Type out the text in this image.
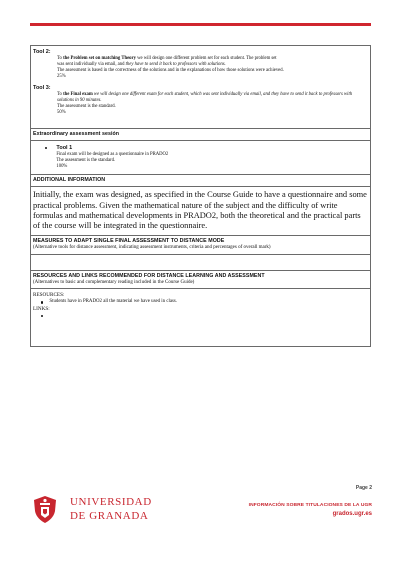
Tool 2:
To the Problem set on matching Theory we will design one different problem set for each student. The problem set
was sent individually via email, and they have to send it back to professors with solutions.
The assessment is based in the correctness of the solutions and in the explanations of how those solutions were achieved.
25%
Tool 3:
To the Final exam we will design one different exam for each student, which was sent individually via email, and they have to send it back to professors with solutions in 90 minutes.
The assessment is the standard.
50%
Extraordinary assessment sesión
Tool 1
Final exam will be designed as a questionnaire in PRADO2
The assessment is the standard.
100%
ADDITIONAL INFORMATION
Initially, the exam was designed, as specified in the Course Guide to have a questionnaire and some practical problems. Given the mathematical nature of the subject and the difficulty of write formulas and mathematical developments in PRADO2, both the theoretical and the practical parts of the course will be integrated in the questionnaire.
MEASURES TO ADAPT SINGLE FINAL ASSESSMENT TO DISTANCE MODE
(Alternative tools for distance assessment, indicating assessment instruments, criteria and percentages of overall mark)
RESOURCES AND LINKS RECOMMENDED FOR DISTANCE LEARNING AND ASSESSMENT
(Alternatives to basic and complementary reading included in the Course Guide)
RESOURCES:
Students have in PRADO2 all the material we have used in class.
LINKS:
UNIVERSIDAD
DE GRANADA
Page 2
INFORMACIÓN SOBRE TITULACIONES DE LA UGR
grados.ugr.es
